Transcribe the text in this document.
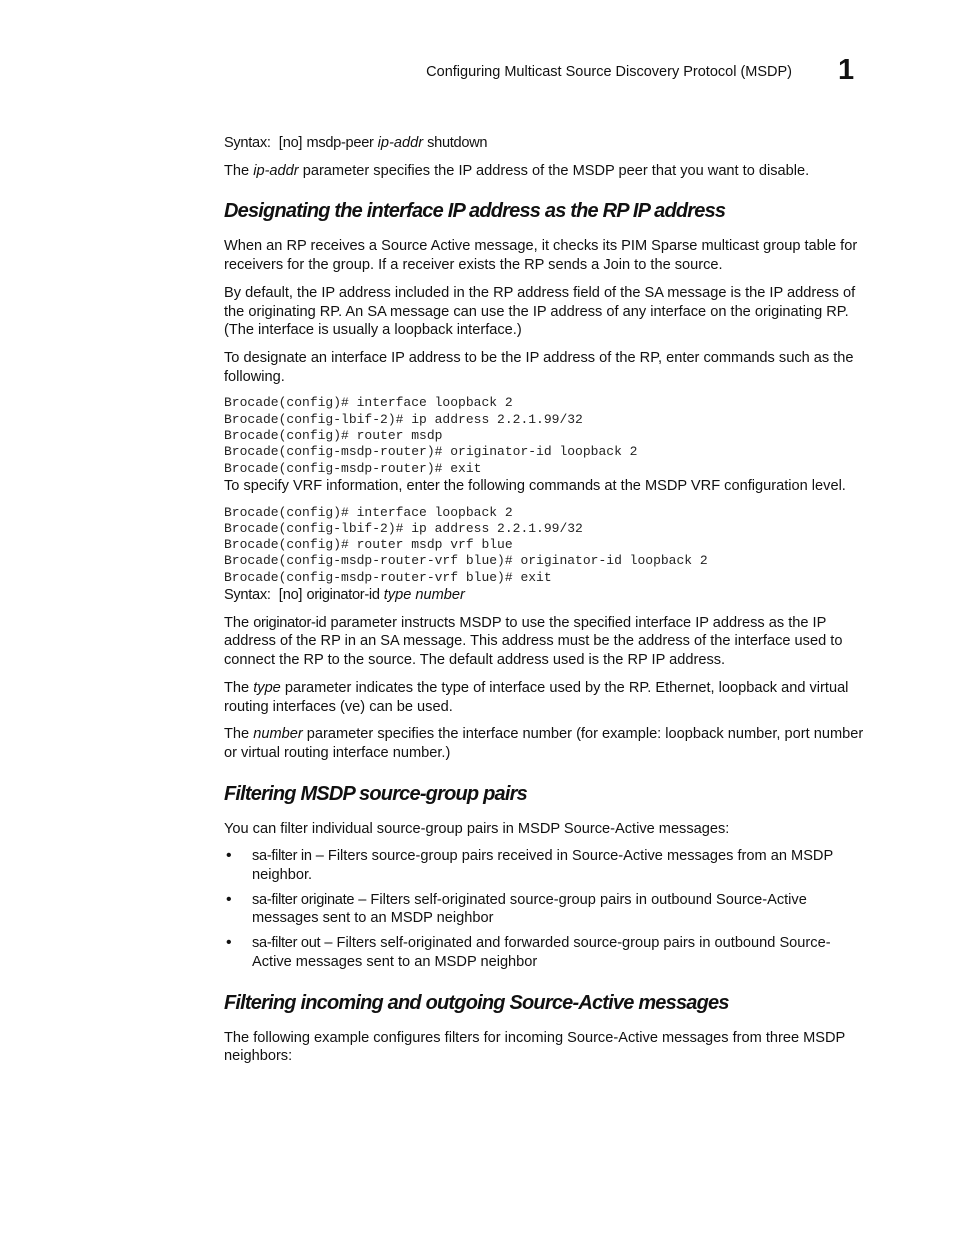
Configuring Multicast Source Discovery Protocol (MSDP) 1

Syntax: [no] msdp-peer ip-addr shutdown

The ip-addr parameter specifies the IP address of the MSDP peer that you want to disable.

Designating the interface IP address as the RP IP address

When an RP receives a Source Active message, it checks its PIM Sparse multicast group table for receivers for the group. If a receiver exists the RP sends a Join to the source.

By default, the IP address included in the RP address field of the SA message is the IP address of the originating RP. An SA message can use the IP address of any interface on the originating RP. (The interface is usually a loopback interface.)

To designate an interface IP address to be the IP address of the RP, enter commands such as the following.

Brocade(config)# interface loopback 2
Brocade(config-lbif-2)# ip address 2.2.1.99/32
Brocade(config)# router msdp
Brocade(config-msdp-router)# originator-id loopback 2
Brocade(config-msdp-router)# exit

To specify VRF information, enter the following commands at the MSDP VRF configuration level.

Brocade(config)# interface loopback 2
Brocade(config-lbif-2)# ip address 2.2.1.99/32
Brocade(config)# router msdp vrf blue
Brocade(config-msdp-router-vrf blue)# originator-id loopback 2
Brocade(config-msdp-router-vrf blue)# exit

Syntax: [no] originator-id type number

The originator-id parameter instructs MSDP to use the specified interface IP address as the IP address of the RP in an SA message. This address must be the address of the interface used to connect the RP to the source. The default address used is the RP IP address.

The type parameter indicates the type of interface used by the RP. Ethernet, loopback and virtual routing interfaces (ve) can be used.

The number parameter specifies the interface number (for example: loopback number, port number or virtual routing interface number.)

Filtering MSDP source-group pairs

You can filter individual source-group pairs in MSDP Source-Active messages:

• sa-filter in – Filters source-group pairs received in Source-Active messages from an MSDP neighbor.
• sa-filter originate – Filters self-originated source-group pairs in outbound Source-Active messages sent to an MSDP neighbor
• sa-filter out – Filters self-originated and forwarded source-group pairs in outbound Source-Active messages sent to an MSDP neighbor
Filtering incoming and outgoing Source-Active messages

The following example configures filters for incoming Source-Active messages from three MSDP neighbors:
